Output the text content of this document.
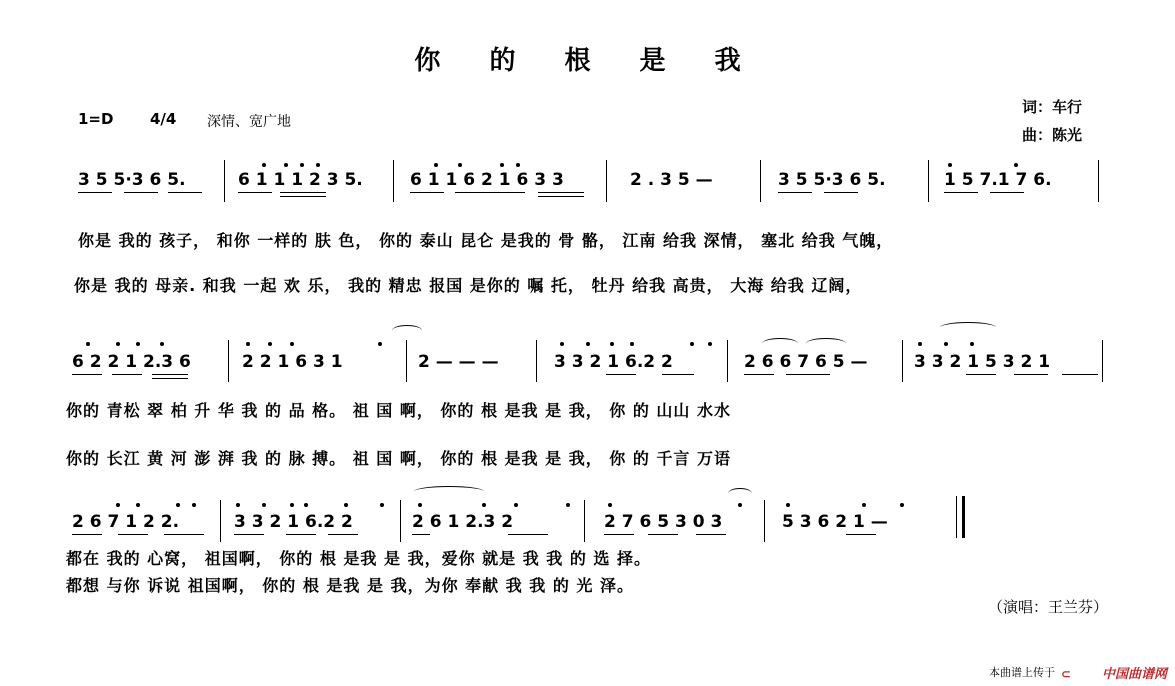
你 的 根 是 我
1=D 4/4 深情、宽广地
词：车行
曲：陈光
3 5 5·3 6 5.	6 1 1 1 2 3 5.	6 1 1 6 2 1 6 3 3	2 . 3 5 —	3 5 5·3 6 5.	1 5 7.1 7 6.
你是 我的 孩子， 和你 一样的 肤 色， 你的 泰山 昆仑 是我的 骨 骼， 江南 给我 深情， 塞北 给我 气魄，
你是 我的 母亲. 和我 一起 欢 乐， 我的 精忠 报国 是你的 嘱 托， 牡丹 给我 高贵， 大海 给我 辽阔，
6 2 2 1 2.3 6	2 2 1 6 3 1	2 — — —	3 3 2 1 6.2 2	2 6 6 7 6 5 —	3 3 2 1 5 3 2 1
你的 青松 翠 柏 升 华 我 的 品 格。 祖 国 啊， 你的 根 是我 是 我， 你 的 山山 水水
你的 长江 黄 河 澎 湃 我 的 脉 搏。 祖 国 啊， 你的 根 是我 是 我， 你 的 千言 万语
2 6 7 1 2 2.	3 3 2 1 6.2 2	2 6 1 2.3 2	2 7 6 5 3 0 3	5 3 6 2 1 —
都在 我的 心窝， 祖国啊， 你的 根 是我 是 我，爱你 就是 我 我 的 选 择。
都想 与你 诉说 祖国啊， 你的 根 是我 是 我，为你 奉献 我 我 的 光 泽。
（演唱：王兰芬）
本曲谱上传于 ⊂ 中国曲谱网
